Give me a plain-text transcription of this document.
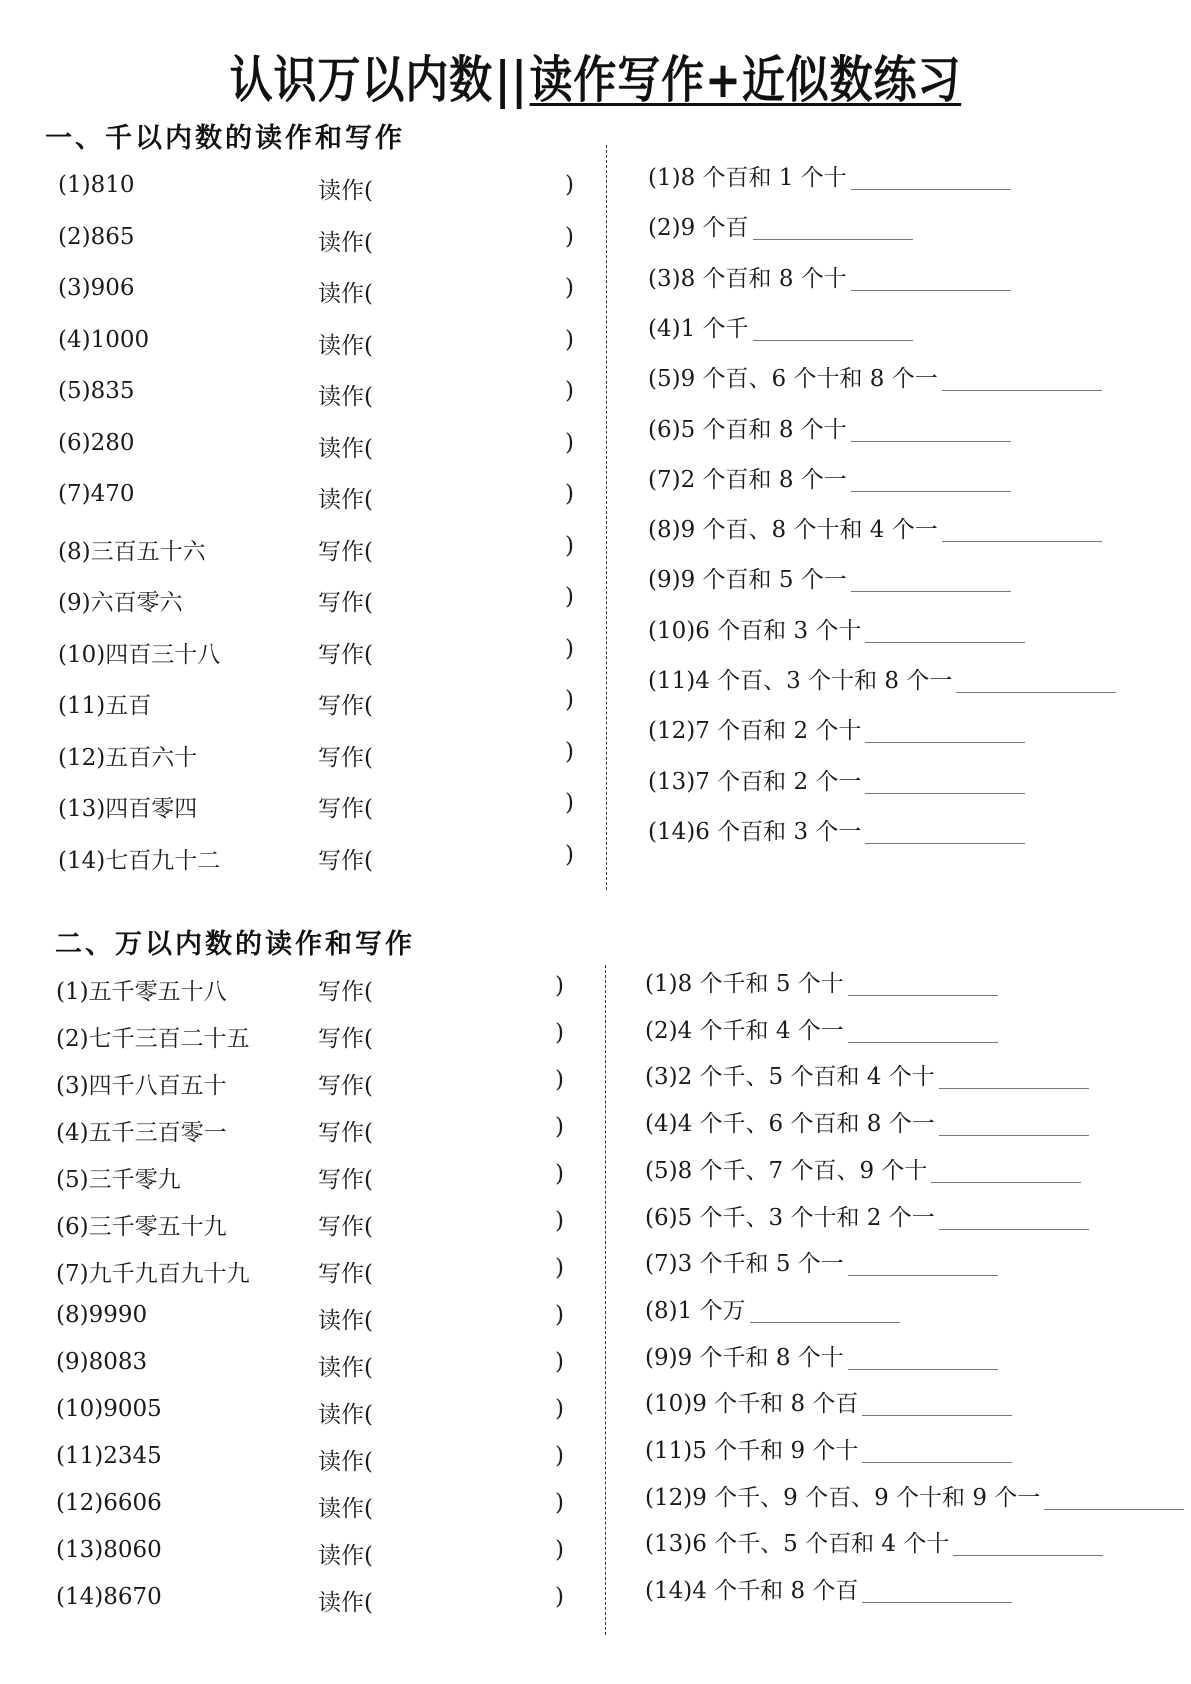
认识万以内数||读作写作+近似数练习
一、千以内数的读作和写作
(1)810	读作(	)
(2)865	读作(	)
(3)906	读作(	)
(4)1000	读作(	)
(5)835	读作(	)
(6)280	读作(	)
(7)470	读作(	)
(8)三百五十六	写作(	)
(9)六百零六	写作(	)
(10)四百三十八	写作(	)
(11)五百	写作(	)
(12)五百六十	写作(	)
(13)四百零四	写作(	)
(14)七百九十二	写作(	)
(1)8 个百和 1 个十
(2)9 个百
(3)8 个百和 8 个十
(4)1 个千
(5)9 个百、6 个十和 8 个一
(6)5 个百和 8 个十
(7)2 个百和 8 个一
(8)9 个百、8 个十和 4 个一
(9)9 个百和 5 个一
(10)6 个百和 3 个十
(11)4 个百、3 个十和 8 个一
(12)7 个百和 2 个十
(13)7 个百和 2 个一
(14)6 个百和 3 个一
二、万以内数的读作和写作
(1)五千零五十八	写作(	)
(2)七千三百二十五	写作(	)
(3)四千八百五十	写作(	)
(4)五千三百零一	写作(	)
(5)三千零九	写作(	)
(6)三千零五十九	写作(	)
(7)九千九百九十九	写作(	)
(8)9990	读作(	)
(9)8083	读作(	)
(10)9005	读作(	)
(11)2345	读作(	)
(12)6606	读作(	)
(13)8060	读作(	)
(14)8670	读作(	)
(1)8 个千和 5 个十
(2)4 个千和 4 个一
(3)2 个千、5 个百和 4 个十
(4)4 个千、6 个百和 8 个一
(5)8 个千、7 个百、9 个十
(6)5 个千、3 个十和 2 个一
(7)3 个千和 5 个一
(8)1 个万
(9)9 个千和 8 个十
(10)9 个千和 8 个百
(11)5 个千和 9 个十
(12)9 个千、9 个百、9 个十和 9 个一
(13)6 个千、5 个百和 4 个十
(14)4 个千和 8 个百
